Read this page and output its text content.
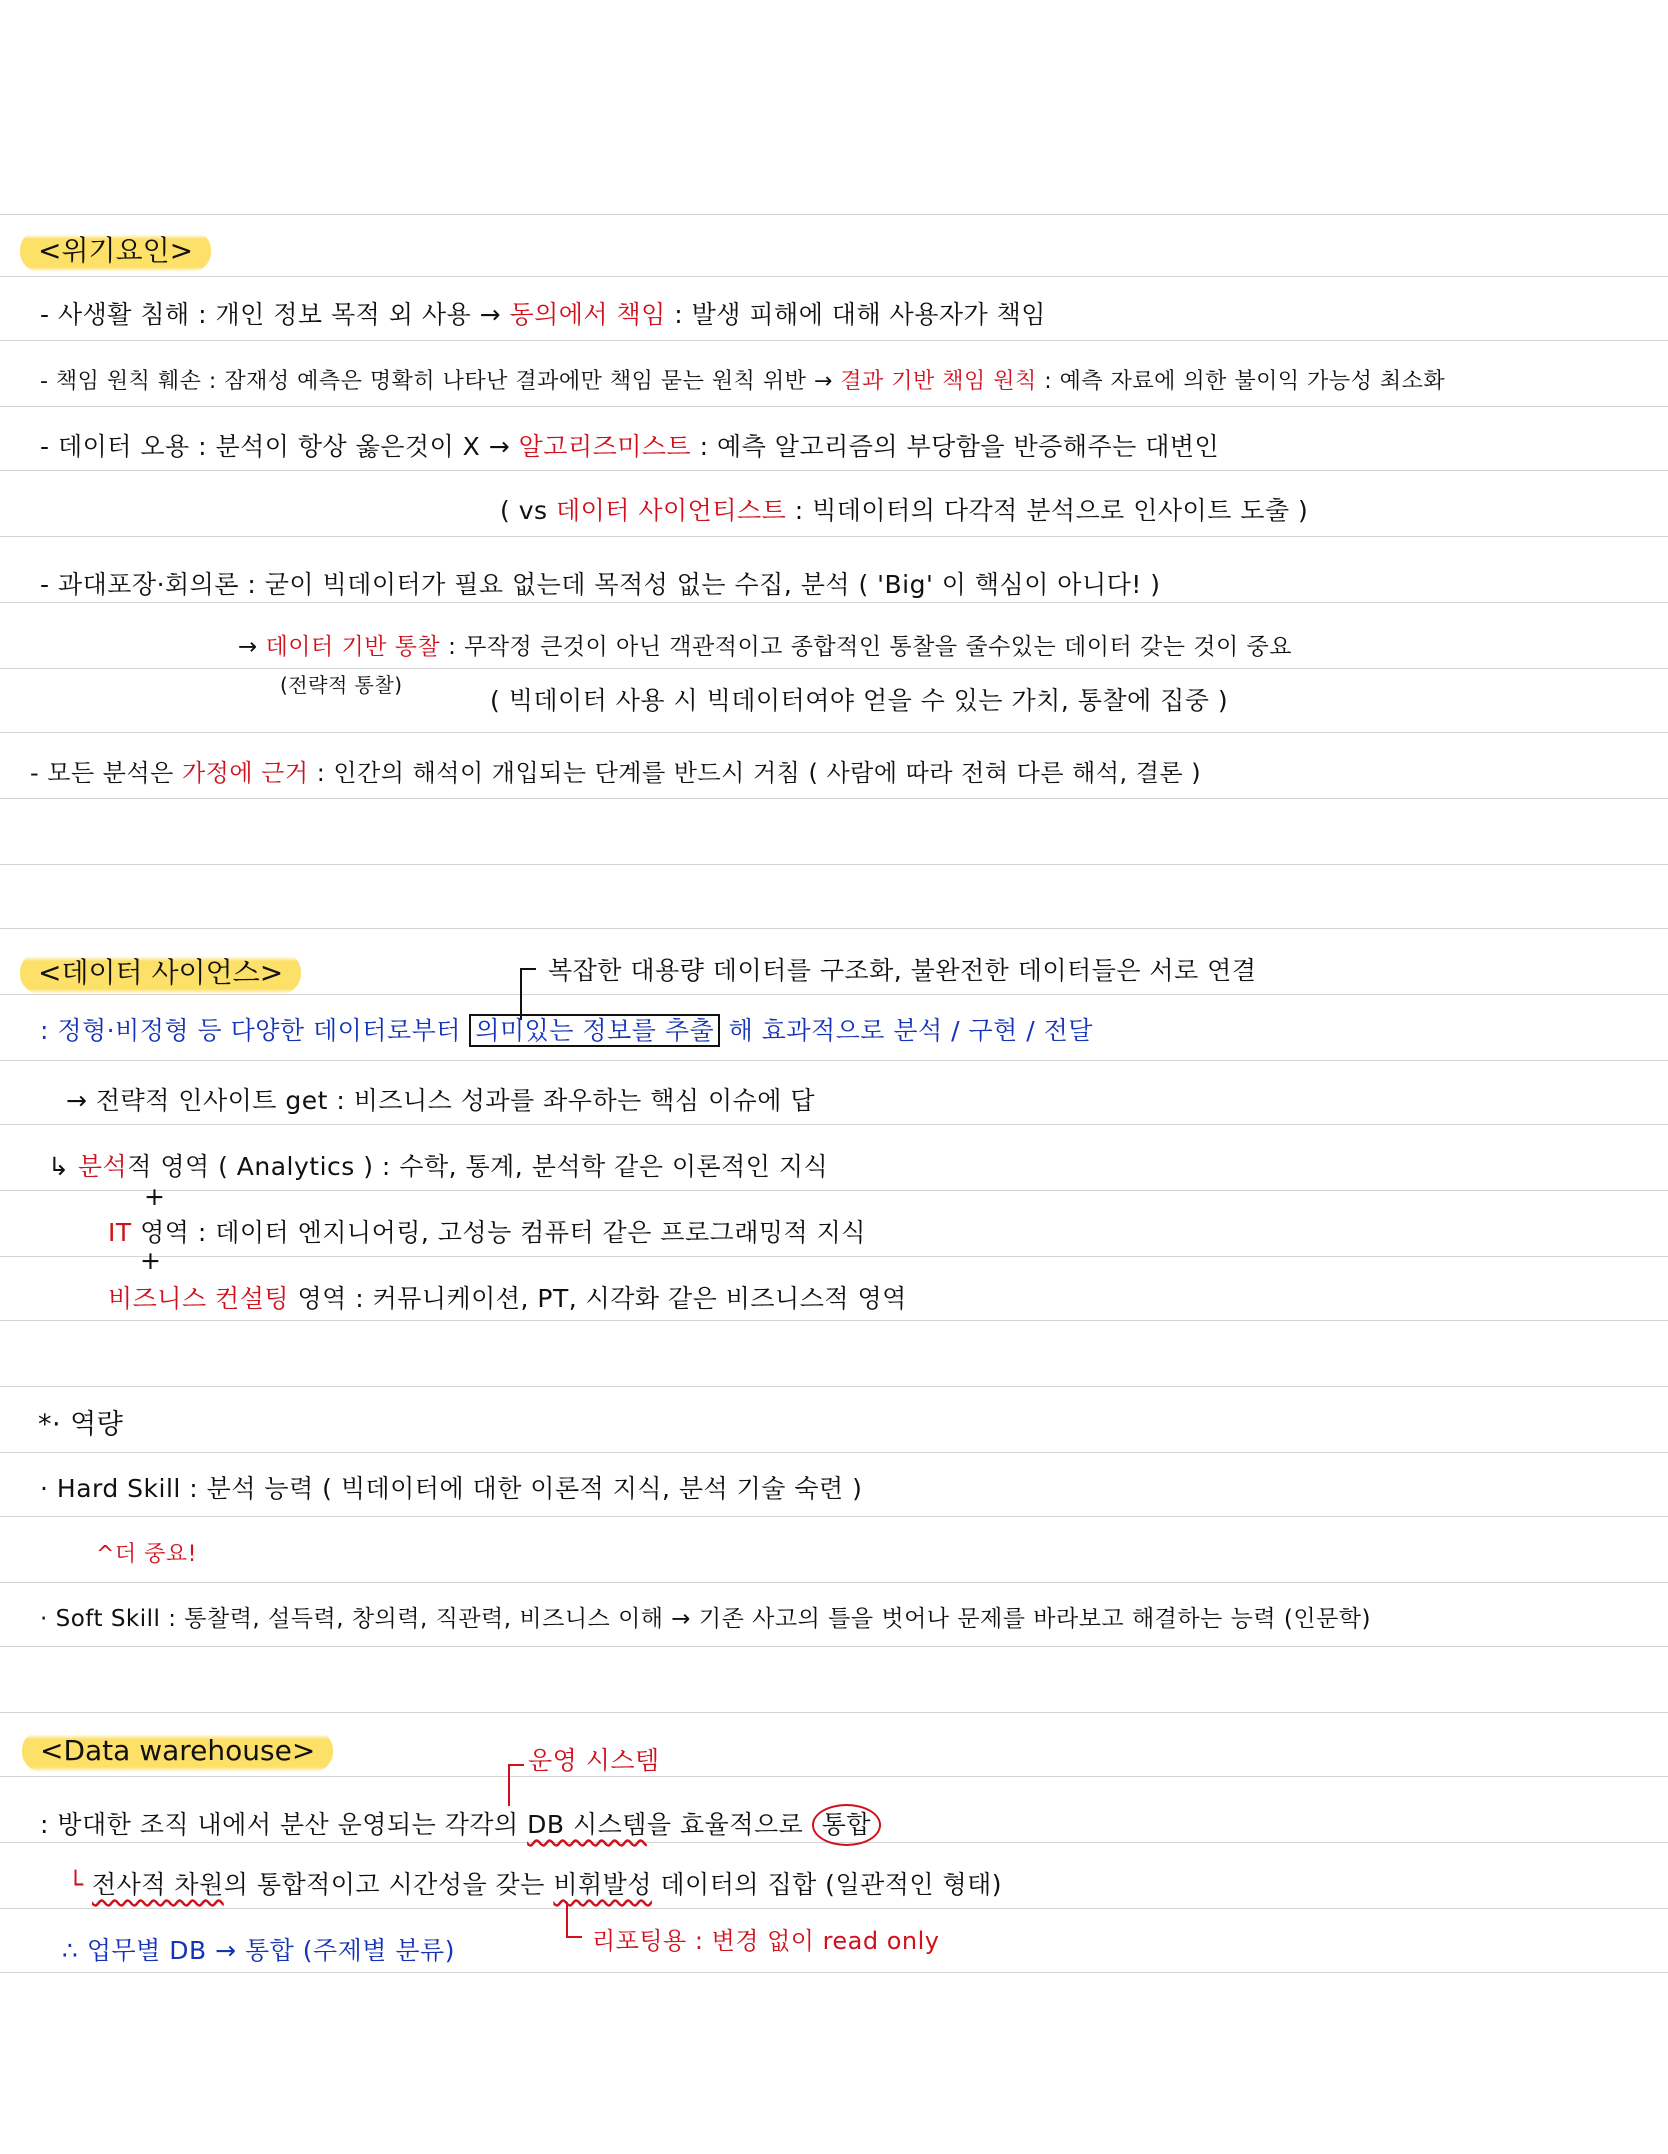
<위기요인>
- 사생활 침해 : 개인 정보 목적 외 사용 → 동의에서 책임 : 발생 피해에 대해 사용자가 책임
- 책임 원칙 훼손 : 잠재성 예측은 명확히 나타난 결과에만 책임 묻는 원칙 위반 → 결과 기반 책임 원칙 : 예측 자료에 의한 불이익 가능성 최소화
- 데이터 오용 : 분석이 항상 옳은것이 X → 알고리즈미스트 : 예측 알고리즘의 부당함을 반증해주는 대변인
( vs 데이터 사이언티스트 : 빅데이터의 다각적 분석으로 인사이트 도출 )
- 과대포장·회의론 : 굳이 빅데이터가 필요 없는데 목적성 없는 수집, 분석 ( 'Big' 이 핵심이 아니다! )
→ 데이터 기반 통찰 : 무작정 큰것이 아닌 객관적이고 종합적인 통찰을 줄수있는 데이터 갖는 것이 중요
(전략적 통찰)
( 빅데이터 사용 시 빅데이터여야 얻을 수 있는 가치, 통찰에 집중 )
- 모든 분석은 가정에 근거 : 인간의 해석이 개입되는 단계를 반드시 거침 ( 사람에 따라 전혀 다른 해석, 결론 )
<데이터 사이언스>	복잡한 대용량 데이터를 구조화, 불완전한 데이터들은 서로 연결
: 정형·비정형 등 다양한 데이터로부터 의미있는 정보를 추출 해 효과적으로 분석 / 구현 / 전달
→ 전략적 인사이트 get : 비즈니스 성과를 좌우하는 핵심 이슈에 답
↳ 분석적 영역 ( Analytics ) : 수학, 통계, 분석학 같은 이론적인 지식
+
IT 영역 : 데이터 엔지니어링, 고성능 컴퓨터 같은 프로그래밍적 지식
+
비즈니스 컨설팅 영역 : 커뮤니케이션, PT, 시각화 같은 비즈니스적 영역
*· 역량
· Hard Skill : 분석 능력 ( 빅데이터에 대한 이론적 지식, 분석 기술 숙련 )
^더 중요!
· Soft Skill : 통찰력, 설득력, 창의력, 직관력, 비즈니스 이해 → 기존 사고의 틀을 벗어나 문제를 바라보고 해결하는 능력 (인문학)
<Data warehouse>	운영 시스템
: 방대한 조직 내에서 분산 운영되는 각각의 DB 시스템을 효율적으로 통합
└ 전사적 차원의 통합적이고 시간성을 갖는 비휘발성 데이터의 집합 (일관적인 형태)
리포팅용 : 변경 없이 read only
∴ 업무별 DB → 통합 (주제별 분류)
